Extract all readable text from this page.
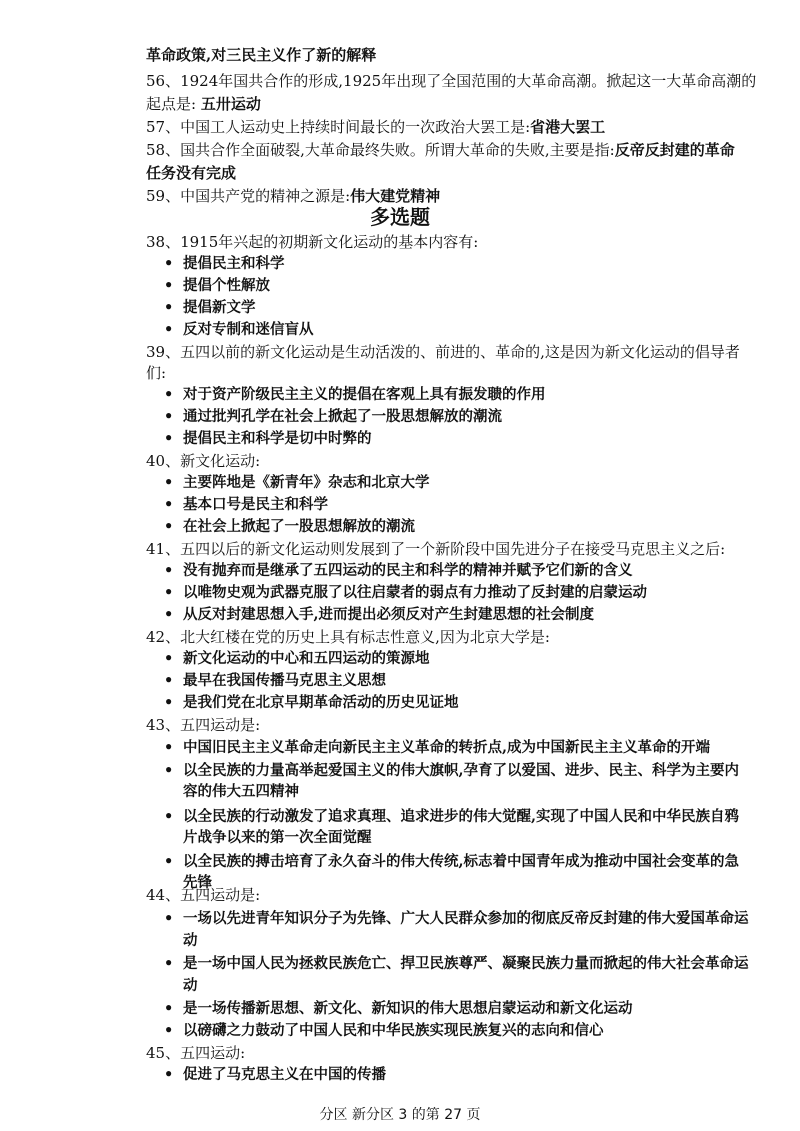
革命政策,对三民主义作了新的解释
56、1924年国共合作的形成,1925年出现了全国范围的大革命高潮。掀起这一大革命高潮的
起点是: 五卅运动
57、中国工人运动史上持续时间最长的一次政治大罢工是:省港大罢工
58、国共合作全面破裂,大革命最终失败。所谓大革命的失败,主要是指:反帝反封建的革命
任务没有完成
59、中国共产党的精神之源是:伟大建党精神
多选题
38、1915年兴起的初期新文化运动的基本内容有:
• 提倡民主和科学
• 提倡个性解放
• 提倡新文学
• 反对专制和迷信盲从
39、五四以前的新文化运动是生动活泼的、前进的、革命的,这是因为新文化运动的倡导者
们:
• 对于资产阶级民主主义的提倡在客观上具有振发聩的作用
• 通过批判孔学在社会上掀起了一股思想解放的潮流
• 提倡民主和科学是切中时弊的
40、新文化运动:
• 主要阵地是《新青年》杂志和北京大学
• 基本口号是民主和科学
• 在社会上掀起了一股思想解放的潮流
41、五四以后的新文化运动则发展到了一个新阶段中国先进分子在接受马克思主义之后:
• 没有抛弃而是继承了五四运动的民主和科学的精神并赋予它们新的含义
• 以唯物史观为武器克服了以往启蒙者的弱点有力推动了反封建的启蒙运动
• 从反对封建思想入手,进而提出必须反对产生封建思想的社会制度
42、北大红楼在党的历史上具有标志性意义,因为北京大学是:
• 新文化运动的中心和五四运动的策源地
• 最早在我国传播马克思主义思想
• 是我们党在北京早期革命活动的历史见证地
43、五四运动是:
• 中国旧民主主义革命走向新民主主义革命的转折点,成为中国新民主主义革命的开端
• 以全民族的力量高举起爱国主义的伟大旗帜,孕育了以爱国、进步、民主、科学为主要内
容的伟大五四精神
• 以全民族的行动激发了追求真理、追求进步的伟大觉醒,实现了中国人民和中华民族自鸦
片战争以来的第一次全面觉醒
• 以全民族的搏击培育了永久奋斗的伟大传统,标志着中国青年成为推动中国社会变革的急
先锋
44、五四运动是:
• 一场以先进青年知识分子为先锋、广大人民群众参加的彻底反帝反封建的伟大爱国革命运
动
• 是一场中国人民为拯救民族危亡、捍卫民族尊严、凝聚民族力量而掀起的伟大社会革命运
动
• 是一场传播新思想、新文化、新知识的伟大思想启蒙运动和新文化运动
• 以磅礴之力鼓动了中国人民和中华民族实现民族复兴的志向和信心
45、五四运动:
• 促进了马克思主义在中国的传播
分区 新分区 3 的第 27 页
